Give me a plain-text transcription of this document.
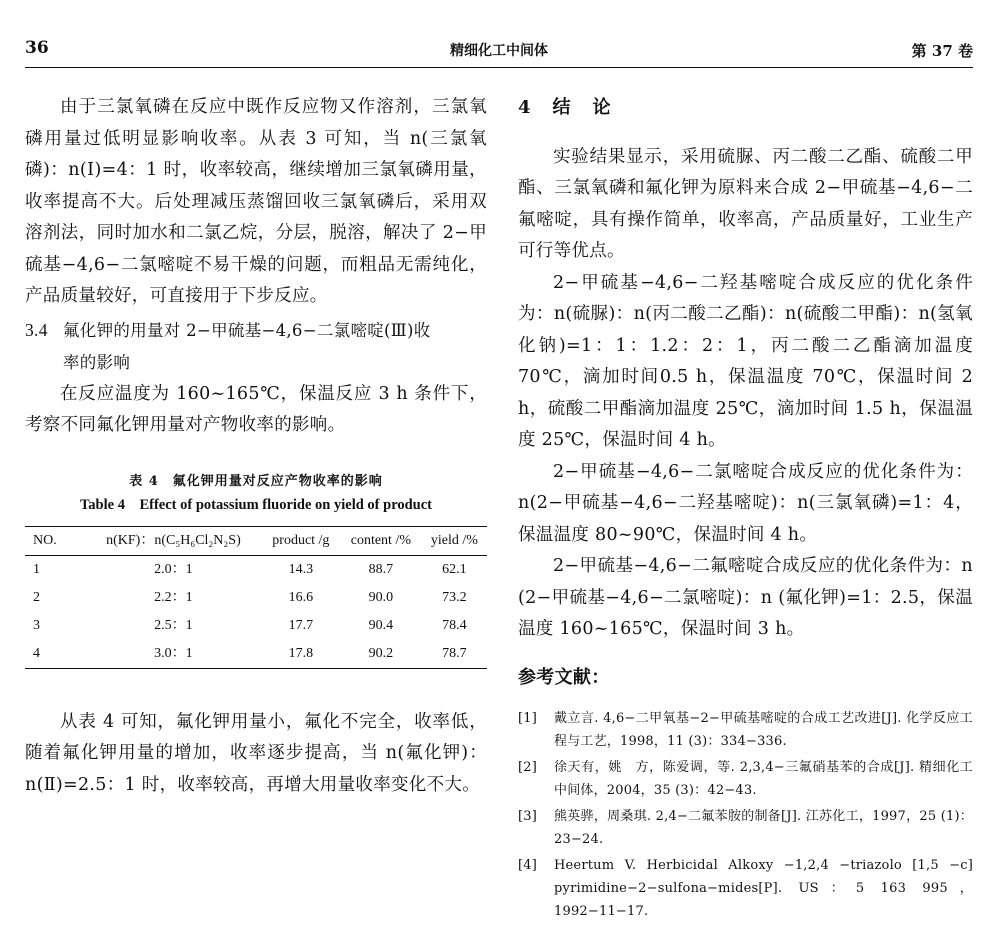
36	精细化工中间体	第 37 卷

由于三氯氧磷在反应中既作反应物又作溶剂，三氯氧磷用量过低明显影响收率。从表 3 可知，当 n(三氯氧磷)：n(Ⅰ)=4：1 时，收率较高，继续增加三氯氧磷用量，收率提高不大。后处理减压蒸馏回收三氯氧磷后，采用双溶剂法，同时加水和二氯乙烷，分层，脱溶，解决了 2−甲硫基−4,6−二氯嘧啶不易干燥的问题，而粗品无需纯化，产品质量较好，可直接用于下步反应。

3.4 氟化钾的用量对 2−甲硫基−4,6−二氯嘧啶(Ⅲ)收
率的影响

在反应温度为 160~165℃，保温反应 3 h 条件下，考察不同氟化钾用量对产物收率的影响。

表 4　氟化钾用量对反应产物收率的影响
Table 4　Effect of potassium fluoride on yield of product
NO.	n(KF)：n(C₅H₆Cl₂N₂S)	product /g	content /%	yield /%
1	2.0：1	14.3	88.7	62.1
2	2.2：1	16.6	90.0	73.2
3	2.5：1	17.7	90.4	78.4
4	3.0：1	17.8	90.2	78.7

从表 4 可知，氟化钾用量小，氟化不完全，收率低，随着氟化钾用量的增加，收率逐步提高，当 n(氟化钾)：n(Ⅱ)=2.5：1 时，收率较高，再增大用量收率变化不大。

4　结　论

实验结果显示，采用硫脲、丙二酸二乙酯、硫酸二甲酯、三氯氧磷和氟化钾为原料来合成 2−甲硫基−4,6−二氟嘧啶，具有操作简单，收率高，产品质量好，工业生产可行等优点。

2−甲硫基−4,6−二羟基嘧啶合成反应的优化条件为：n(硫脲)：n(丙二酸二乙酯)：n(硫酸二甲酯)：n(氢氧化钠)=1：1：1.2：2：1，丙二酸二乙酯滴加温度 70℃，滴加时间0.5 h，保温温度 70℃，保温时间 2 h，硫酸二甲酯滴加温度 25℃，滴加时间 1.5 h，保温温度 25℃，保温时间 4 h。

2−甲硫基−4,6−二氯嘧啶合成反应的优化条件为：n(2−甲硫基−4,6−二羟基嘧啶)：n(三氯氧磷)=1：4，保温温度 80~90℃，保温时间 4 h。

2−甲硫基−4,6−二氟嘧啶合成反应的优化条件为：n (2−甲硫基−4,6−二氯嘧啶)：n (氟化钾)=1：2.5，保温温度 160~165℃，保温时间 3 h。

参考文献：
[1]	戴立言. 4,6−二甲氧基−2−甲硫基嘧啶的合成工艺改进[J]. 化学反应工程与工艺，1998，11 (3)：334−336.
[2]	徐天有，姚　方，陈爱调，等. 2,3,4−三氟硝基苯的合成[J]. 精细化工中间体，2004，35 (3)：42−43.
[3]	熊英骅，周桑琪. 2,4−二氟苯胺的制备[J]. 江苏化工，1997，25 (1)：23−24.
[4]	Heertum V. Herbicidal Alkoxy −1,2,4 −triazolo [1,5 −c] pyrimidine−2−sulfona−mides[P]. US：5 163 995，1992−11−17.
